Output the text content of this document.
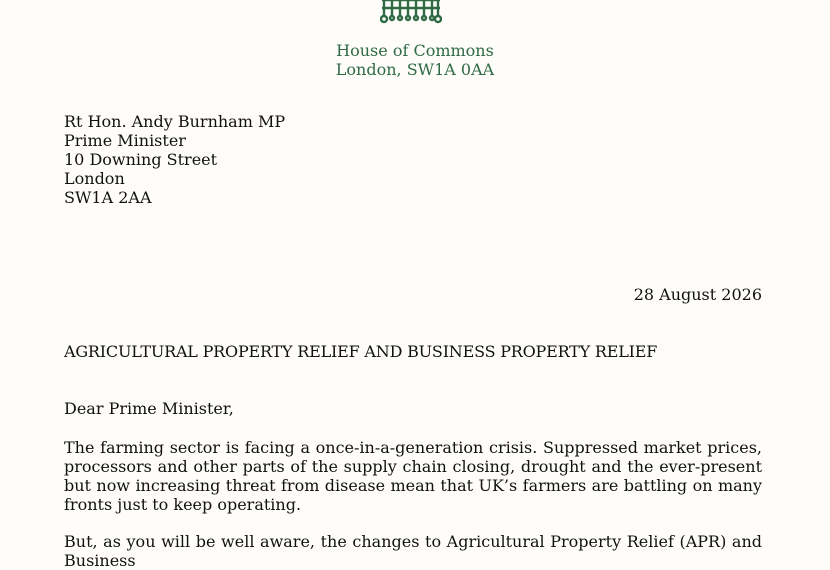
House of Commons
London, SW1A 0AA
Rt Hon. Andy Burnham MP
Prime Minister
10 Downing Street
London
SW1A 2AA
28 August 2026
AGRICULTURAL PROPERTY RELIEF AND BUSINESS PROPERTY RELIEF
Dear Prime Minister,
The farming sector is facing a once-in-a-generation crisis. Suppressed market prices, processors and other parts of the supply chain closing, drought and the ever-present but now increasing threat from disease mean that UK’s farmers are battling on many fronts just to keep operating.
But, as you will be well aware, the changes to Agricultural Property Relief (APR) and Business
